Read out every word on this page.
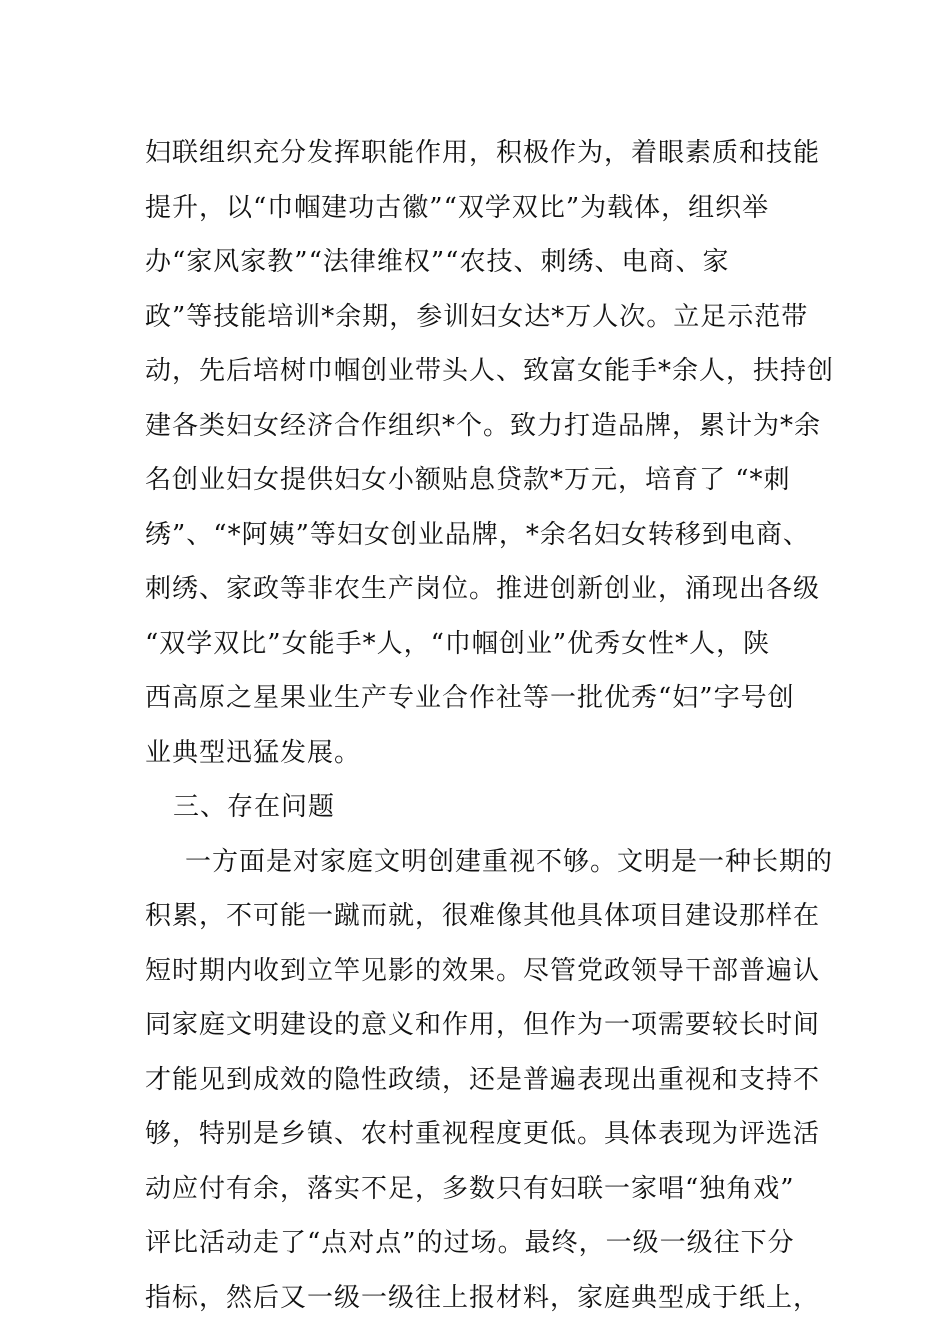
妇联组织充分发挥职能作用，积极作为，着眼素质和技能
提升，以“巾帼建功古徽”“双学双比”为载体，组织举
办“家风家教”“法律维权”“农技、刺绣、电商、家
政”等技能培训*余期，参训妇女达*万人次。立足示范带
动，先后培树巾帼创业带头人、致富女能手*余人，扶持创
建各类妇女经济合作组织*个。致力打造品牌，累计为*余
名创业妇女提供妇女小额贴息贷款*万元，培育了 “*刺
绣”、“*阿姨”等妇女创业品牌，*余名妇女转移到电商、
刺绣、家政等非农生产岗位。推进创新创业，涌现出各级
“双学双比”女能手*人，“巾帼创业”优秀女性*人，陕
西高原之星果业生产专业合作社等一批优秀“妇”字号创
业典型迅猛发展。
三、存在问题
一方面是对家庭文明创建重视不够。文明是一种长期的
积累，不可能一蹴而就，很难像其他具体项目建设那样在
短时期内收到立竿见影的效果。尽管党政领导干部普遍认
同家庭文明建设的意义和作用，但作为一项需要较长时间
才能见到成效的隐性政绩，还是普遍表现出重视和支持不
够，特别是乡镇、农村重视程度更低。具体表现为评选活
动应付有余，落实不足，多数只有妇联一家唱“独角戏”
评比活动走了“点对点”的过场。最终，一级一级往下分
指标，然后又一级一级往上报材料，家庭典型成于纸上，
